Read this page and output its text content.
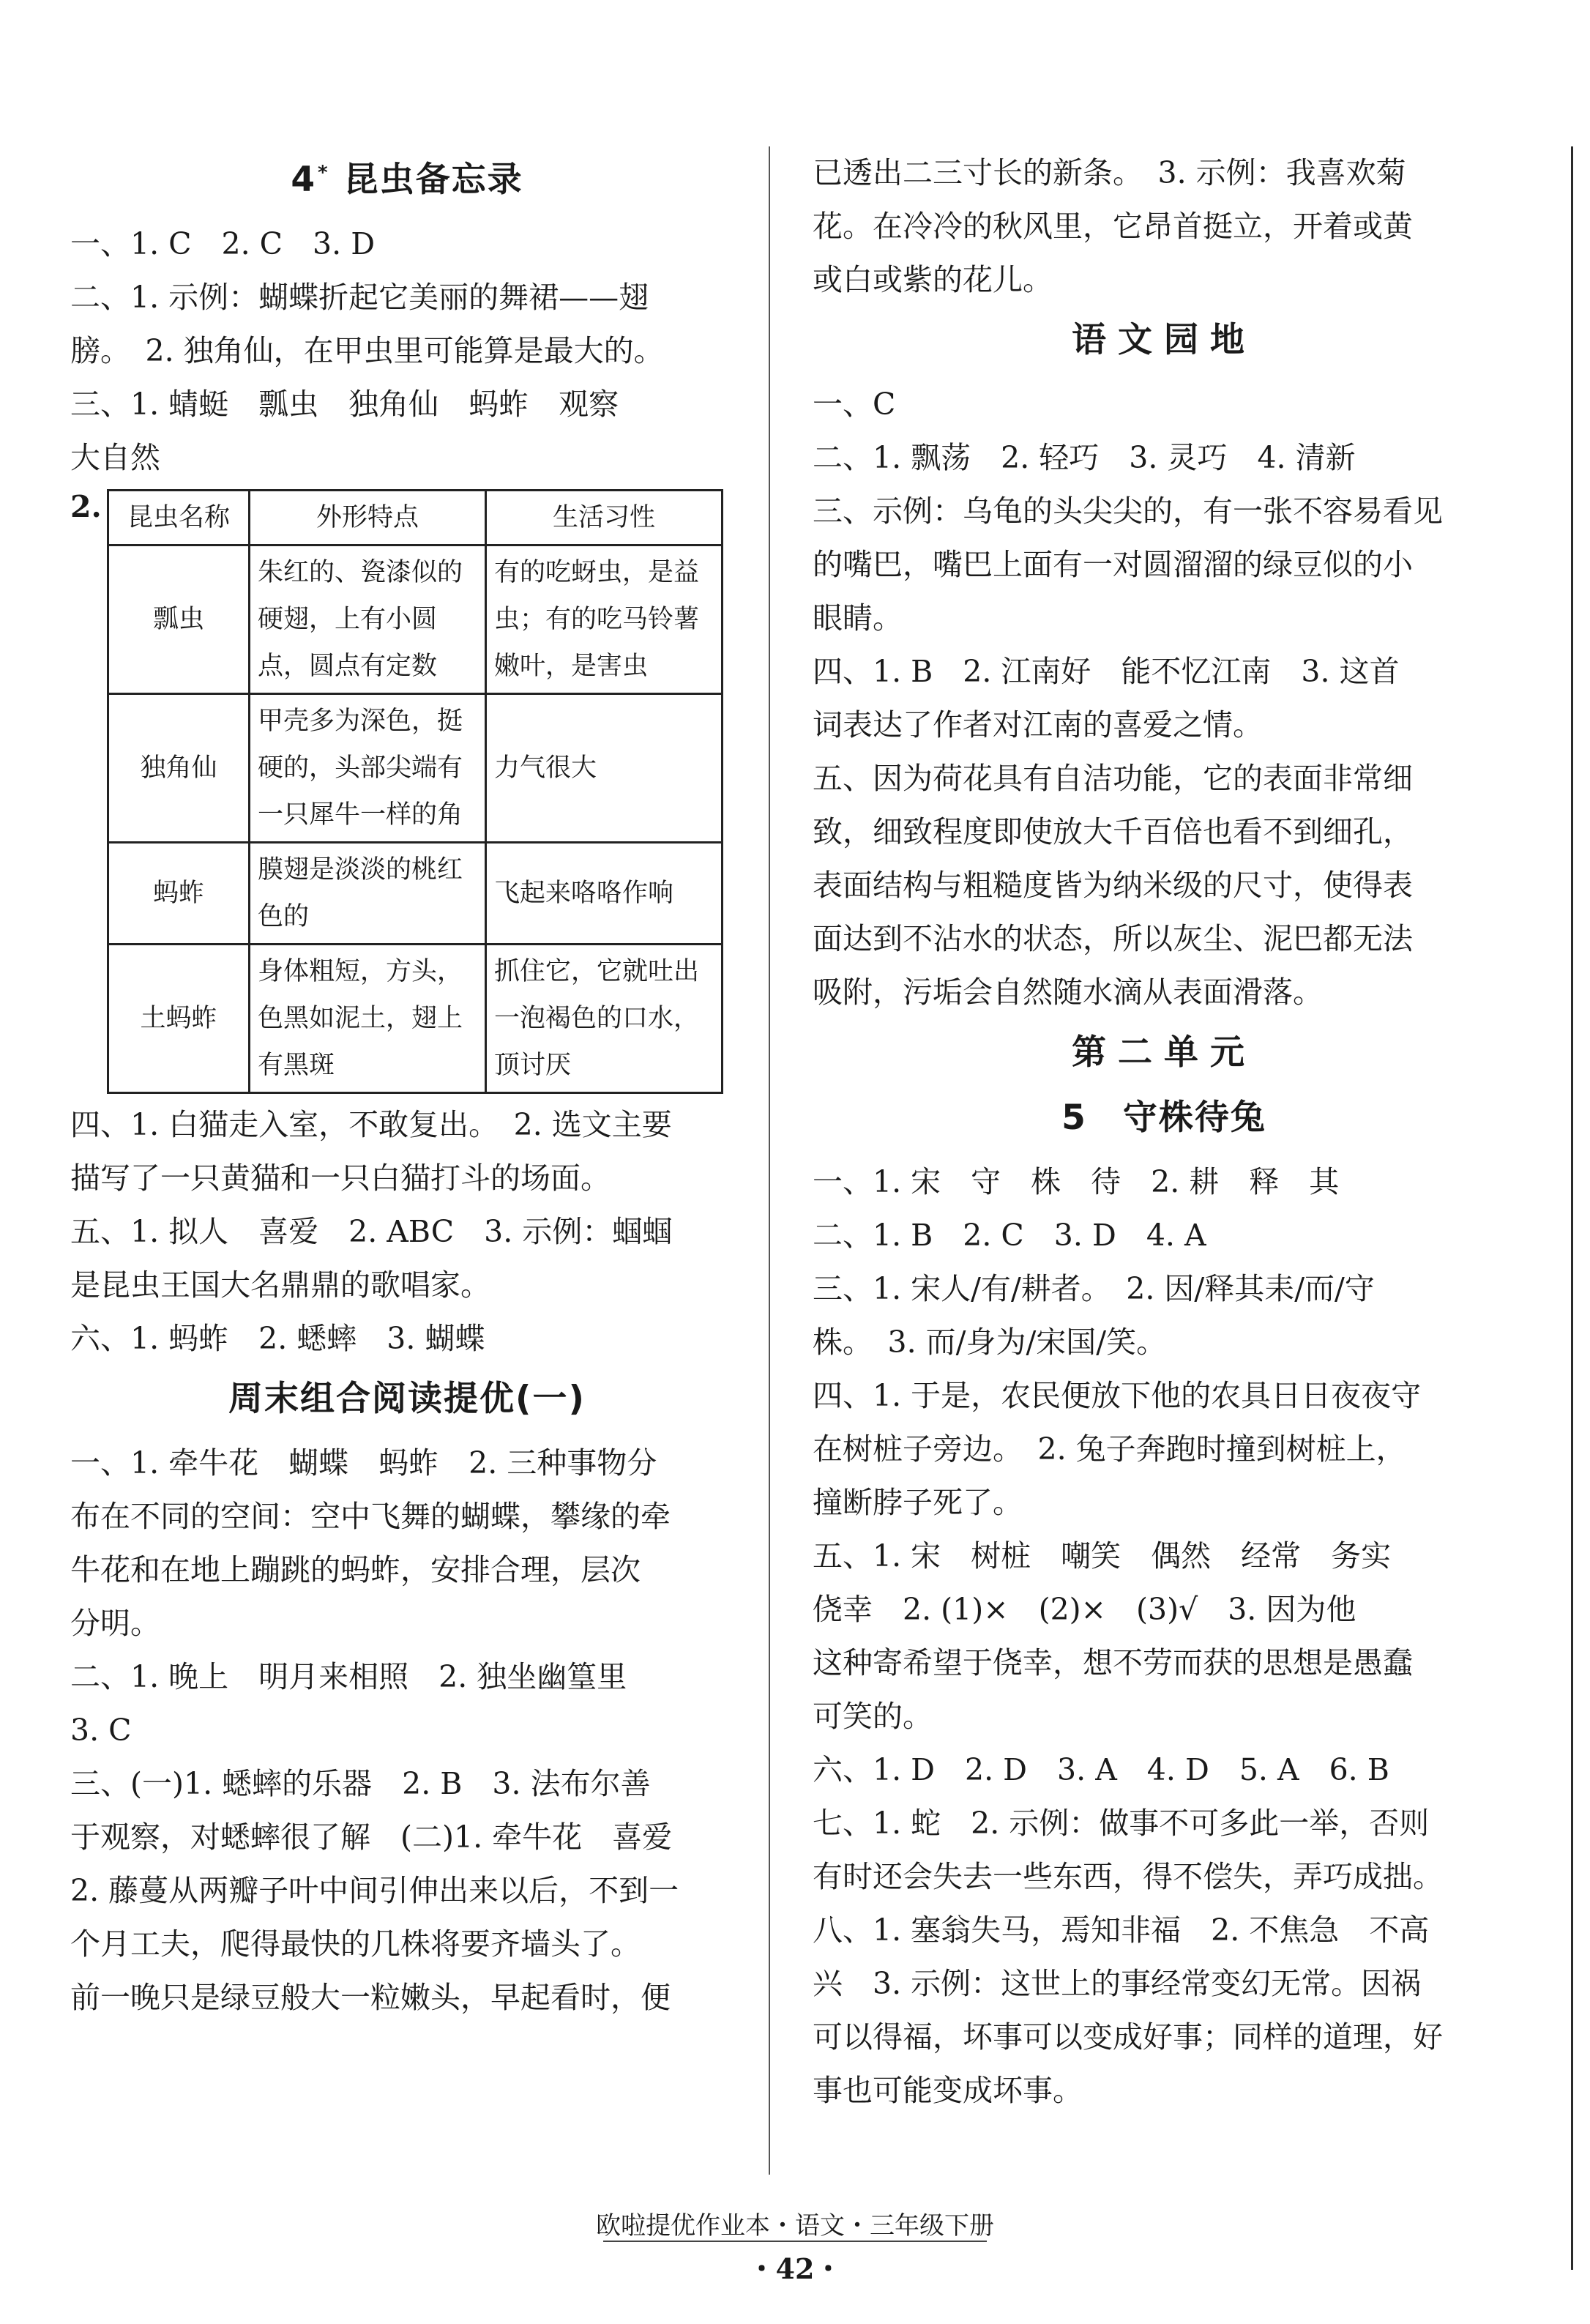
4* 昆虫备忘录
一、1. C　2. C　3. D
二、1. 示例：蝴蝶折起它美丽的舞裙——翅
膀。　2. 独角仙，在甲虫里可能算是最大的。
三、1. 蜻蜓　瓢虫　独角仙　蚂蚱　观察
大自然
2. 昆虫名称	外形特点	生活习性
瓢虫	朱红的、瓷漆似的硬翅，上有小圆点，圆点有定数	有的吃蚜虫，是益虫；有的吃马铃薯嫩叶，是害虫
独角仙	甲壳多为深色，挺硬的，头部尖端有一只犀牛一样的角	力气很大
蚂蚱	膜翅是淡淡的桃红色的	飞起来咯咯作响
土蚂蚱	身体粗短，方头，色黑如泥土，翅上有黑斑	抓住它，它就吐出一泡褐色的口水，顶讨厌
四、1. 白猫走入室，不敢复出。　2. 选文主要
描写了一只黄猫和一只白猫打斗的场面。
五、1. 拟人　喜爱　2. ABC　3. 示例：蝈蝈
是昆虫王国大名鼎鼎的歌唱家。
六、1. 蚂蚱　2. 蟋蟀　3. 蝴蝶
周末组合阅读提优(一)
一、1. 牵牛花　蝴蝶　蚂蚱　2. 三种事物分
布在不同的空间：空中飞舞的蝴蝶，攀缘的牵
牛花和在地上蹦跳的蚂蚱，安排合理，层次
分明。
二、1. 晚上　明月来相照　2. 独坐幽篁里
3. C
三、(一)1. 蟋蟀的乐器　2. B　3. 法布尔善
于观察，对蟋蟀很了解　(二)1. 牵牛花　喜爱
2. 藤蔓从两瓣子叶中间引伸出来以后，不到一
个月工夫，爬得最快的几株将要齐墙头了。
前一晚只是绿豆般大一粒嫩头，早起看时，便
已透出二三寸长的新条。　3. 示例：我喜欢菊
花。在冷冷的秋风里，它昂首挺立，开着或黄
或白或紫的花儿。
语文园地
一、C
二、1. 飘荡　2. 轻巧　3. 灵巧　4. 清新
三、示例：乌龟的头尖尖的，有一张不容易看见
的嘴巴，嘴巴上面有一对圆溜溜的绿豆似的小
眼睛。
四、1. B　2. 江南好　能不忆江南　3. 这首
词表达了作者对江南的喜爱之情。
五、因为荷花具有自洁功能，它的表面非常细
致，细致程度即使放大千百倍也看不到细孔，
表面结构与粗糙度皆为纳米级的尺寸，使得表
面达到不沾水的状态，所以灰尘、泥巴都无法
吸附，污垢会自然随水滴从表面滑落。
第二单元
5　守株待兔
一、1. 宋　守　株　待　2. 耕　释　其
二、1. B　2. C　3. D　4. A
三、1. 宋人/有/耕者。　2. 因/释其耒/而/守
株。　3. 而/身为/宋国/笑。
四、1. 于是，农民便放下他的农具日日夜夜守
在树桩子旁边。　2. 兔子奔跑时撞到树桩上，
撞断脖子死了。
五、1. 宋　树桩　嘲笑　偶然　经常　务实
侥幸　2. (1)×　(2)×　(3)√　3. 因为他
这种寄希望于侥幸，想不劳而获的思想是愚蠢
可笑的。
六、1. D　2. D　3. A　4. D　5. A　6. B
七、1. 蛇　2. 示例：做事不可多此一举，否则
有时还会失去一些东西，得不偿失，弄巧成拙。
八、1. 塞翁失马，焉知非福　2. 不焦急　不高
兴　3. 示例：这世上的事经常变幻无常。因祸
可以得福，坏事可以变成好事；同样的道理，好
事也可能变成坏事。
欧啦提优作业本・语文・三年级下册
・42・
